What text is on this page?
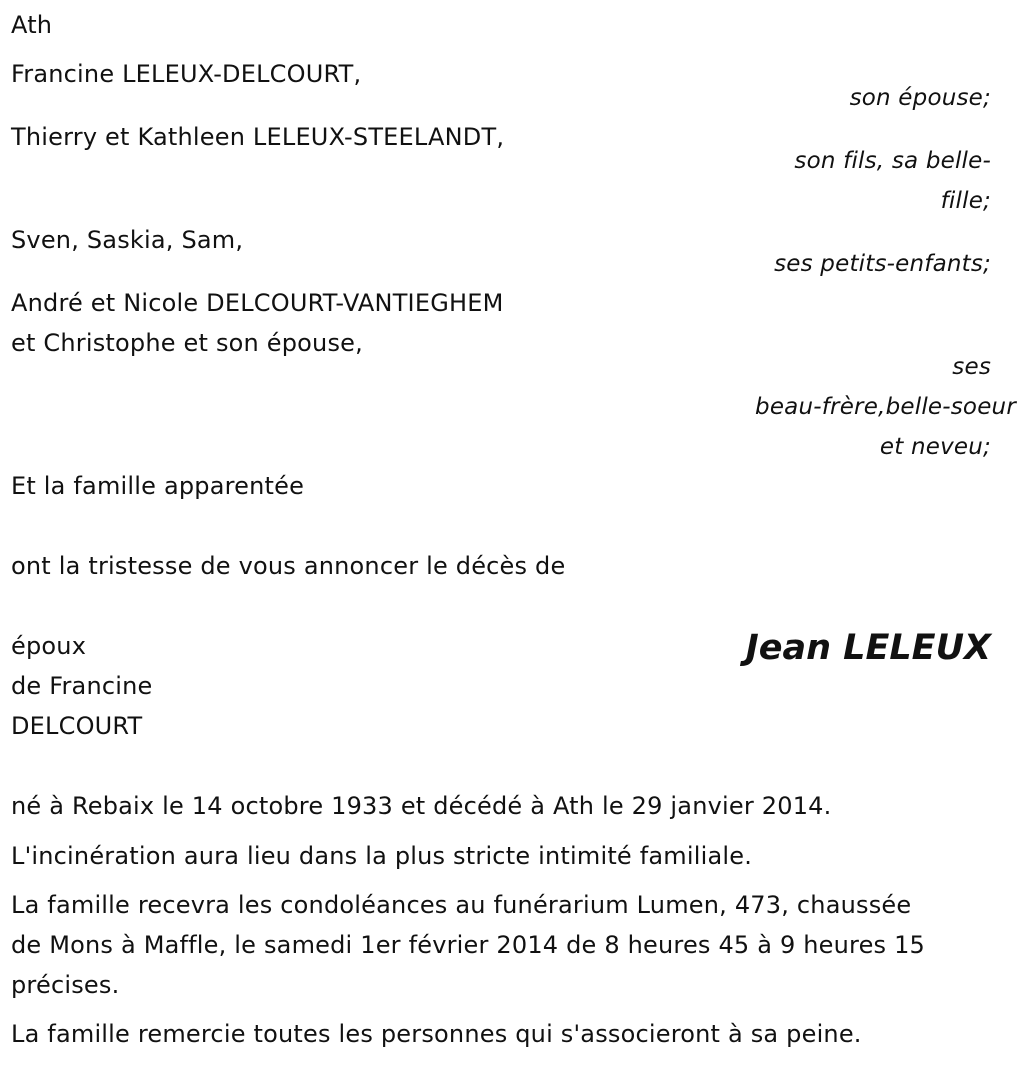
Ath
Francine LELEUX-DELCOURT,
son épouse;
Thierry et Kathleen LELEUX-STEELANDT,
son fils, sa belle-
fille;
Sven, Saskia, Sam,
ses petits-enfants;
André et Nicole DELCOURT-VANTIEGHEM
et Christophe et son épouse,
ses
beau-frère,belle-soeur
et neveu;
Et la famille apparentée
ont la tristesse de vous annoncer le décès de
époux
de Francine
DELCOURT
Jean LELEUX
né à Rebaix le 14 octobre 1933 et décédé à Ath le 29 janvier 2014.
L'incinération aura lieu dans la plus stricte intimité familiale.
La famille recevra les condoléances au funérarium Lumen, 473, chaussée
de Mons à Maffle, le samedi 1er février 2014 de 8 heures 45 à 9 heures 15
précises.
La famille remercie toutes les personnes qui s'associeront à sa peine.
